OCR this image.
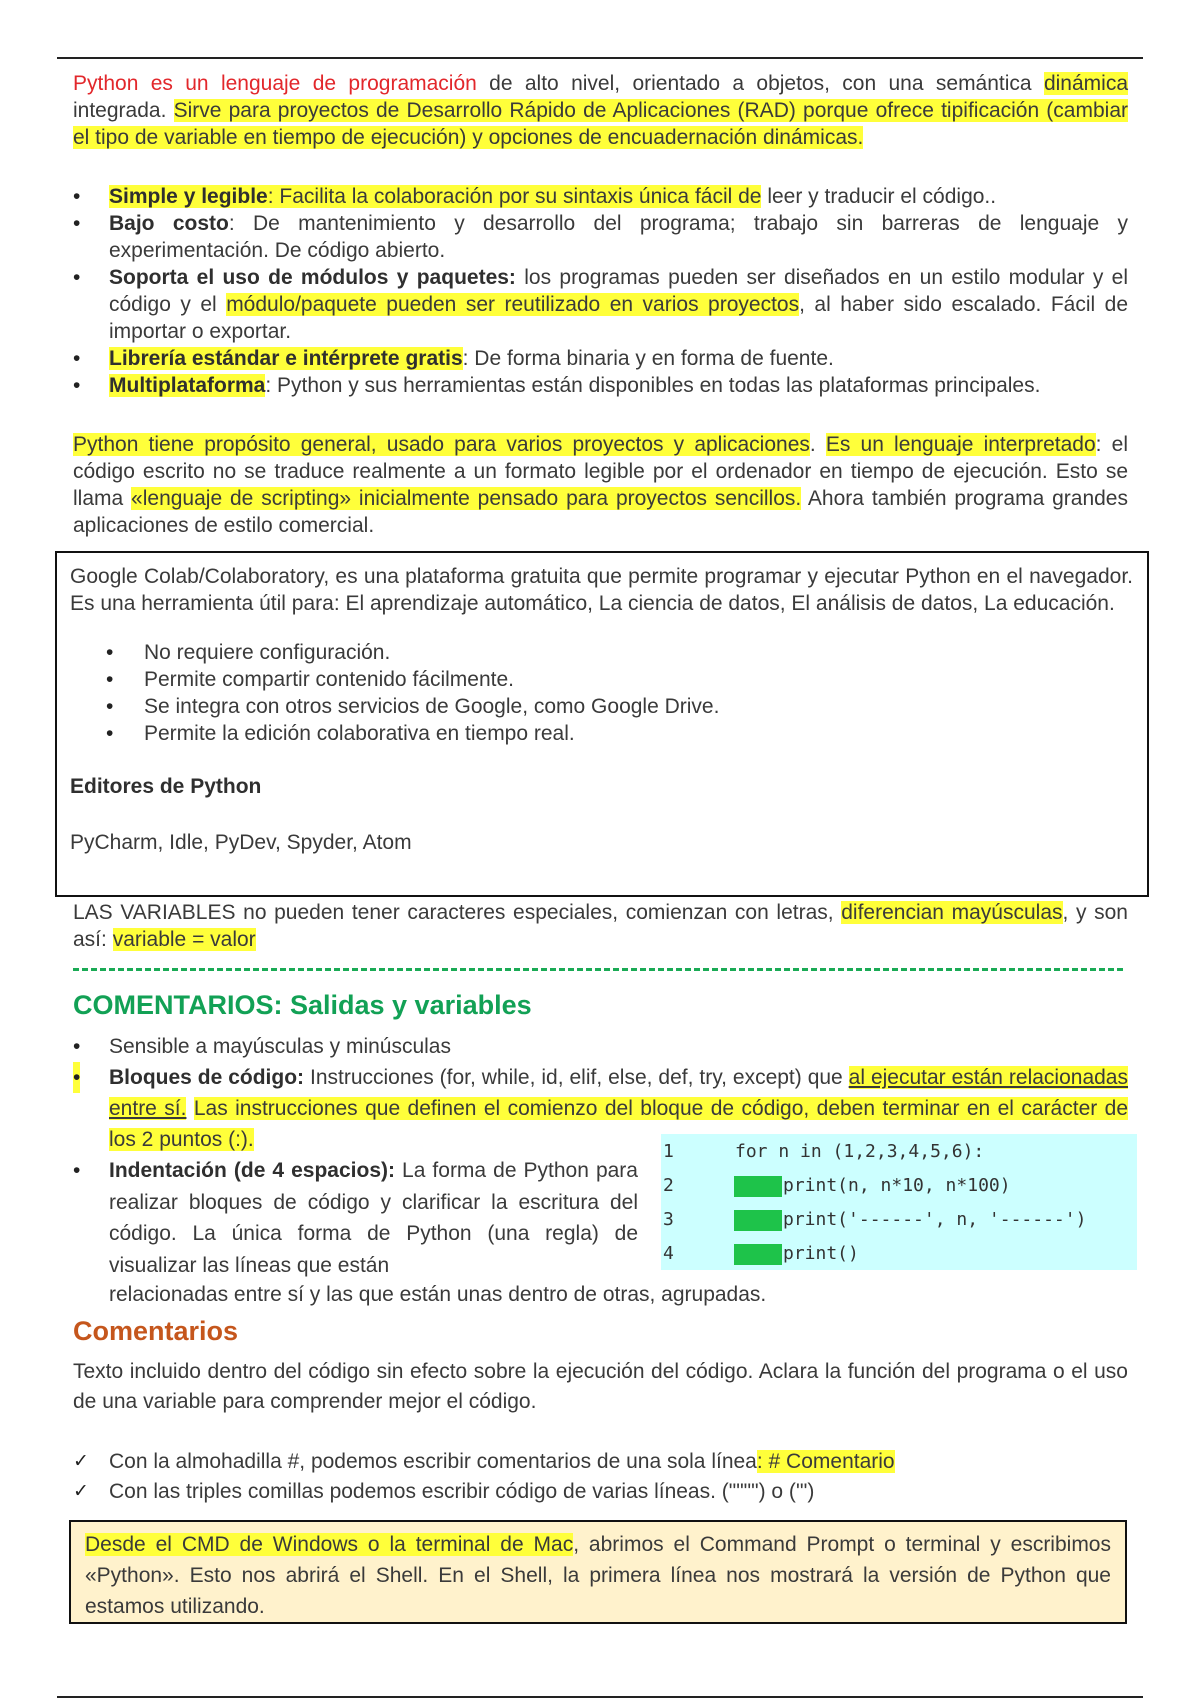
Python es un lenguaje de programación de alto nivel, orientado a objetos, con una semántica dinámica integrada. Sirve para proyectos de Desarrollo Rápido de Aplicaciones (RAD) porque ofrece tipificación (cambiar el tipo de variable en tiempo de ejecución) y opciones de encuadernación dinámicas.

• Simple y legible: Facilita la colaboración por su sintaxis única fácil de leer y traducir el código..
• Bajo costo: De mantenimiento y desarrollo del programa; trabajo sin barreras de lenguaje y experimentación. De código abierto.
• Soporta el uso de módulos y paquetes: los programas pueden ser diseñados en un estilo modular y el código y el módulo/paquete pueden ser reutilizado en varios proyectos, al haber sido escalado. Fácil de importar o exportar.
• Librería estándar e intérprete gratis: De forma binaria y en forma de fuente.
• Multiplataforma: Python y sus herramientas están disponibles en todas las plataformas principales.

Python tiene propósito general, usado para varios proyectos y aplicaciones. Es un lenguaje interpretado: el código escrito no se traduce realmente a un formato legible por el ordenador en tiempo de ejecución. Esto se llama «lenguaje de scripting» inicialmente pensado para proyectos sencillos. Ahora también programa grandes aplicaciones de estilo comercial.

Google Colab/Colaboratory, es una plataforma gratuita que permite programar y ejecutar Python en el navegador. Es una herramienta útil para: El aprendizaje automático, La ciencia de datos, El análisis de datos, La educación.
• No requiere configuración.
• Permite compartir contenido fácilmente.
• Se integra con otros servicios de Google, como Google Drive.
• Permite la edición colaborativa en tiempo real.
Editores de Python
PyCharm, Idle, PyDev, Spyder, Atom

LAS VARIABLES no pueden tener caracteres especiales, comienzan con letras, diferencian mayúsculas, y son así: variable = valor

COMENTARIOS: Salidas y variables
• Sensible a mayúsculas y minúsculas
• Bloques de código: Instrucciones (for, while, id, elif, else, def, try, except) que al ejecutar están relacionadas entre sí. Las instrucciones que definen el comienzo del bloque de código, deben terminar en el carácter de los 2 puntos (:).
• Indentación (de 4 espacios): La forma de Python para realizar bloques de código y clarificar la escritura del código. La única forma de Python (una regla) de visualizar las líneas que están
relacionadas entre sí y las que están unas dentro de otras, agrupadas.
1	for n in (1,2,3,4,5,6):
2	print(n, n*10, n*100)
3	print('------', n, '------')
4	print()
Comentarios
Texto incluido dentro del código sin efecto sobre la ejecución del código. Aclara la función del programa o el uso de una variable para comprender mejor el código.
✓ Con la almohadilla #, podemos escribir comentarios de una sola línea: # Comentario
✓ Con las triples comillas podemos escribir código de varias líneas. ("""") o ('")
Desde el CMD de Windows o la terminal de Mac, abrimos el Command Prompt o terminal y escribimos «Python». Esto nos abrirá el Shell. En el Shell, la primera línea nos mostrará la versión de Python que estamos utilizando.
